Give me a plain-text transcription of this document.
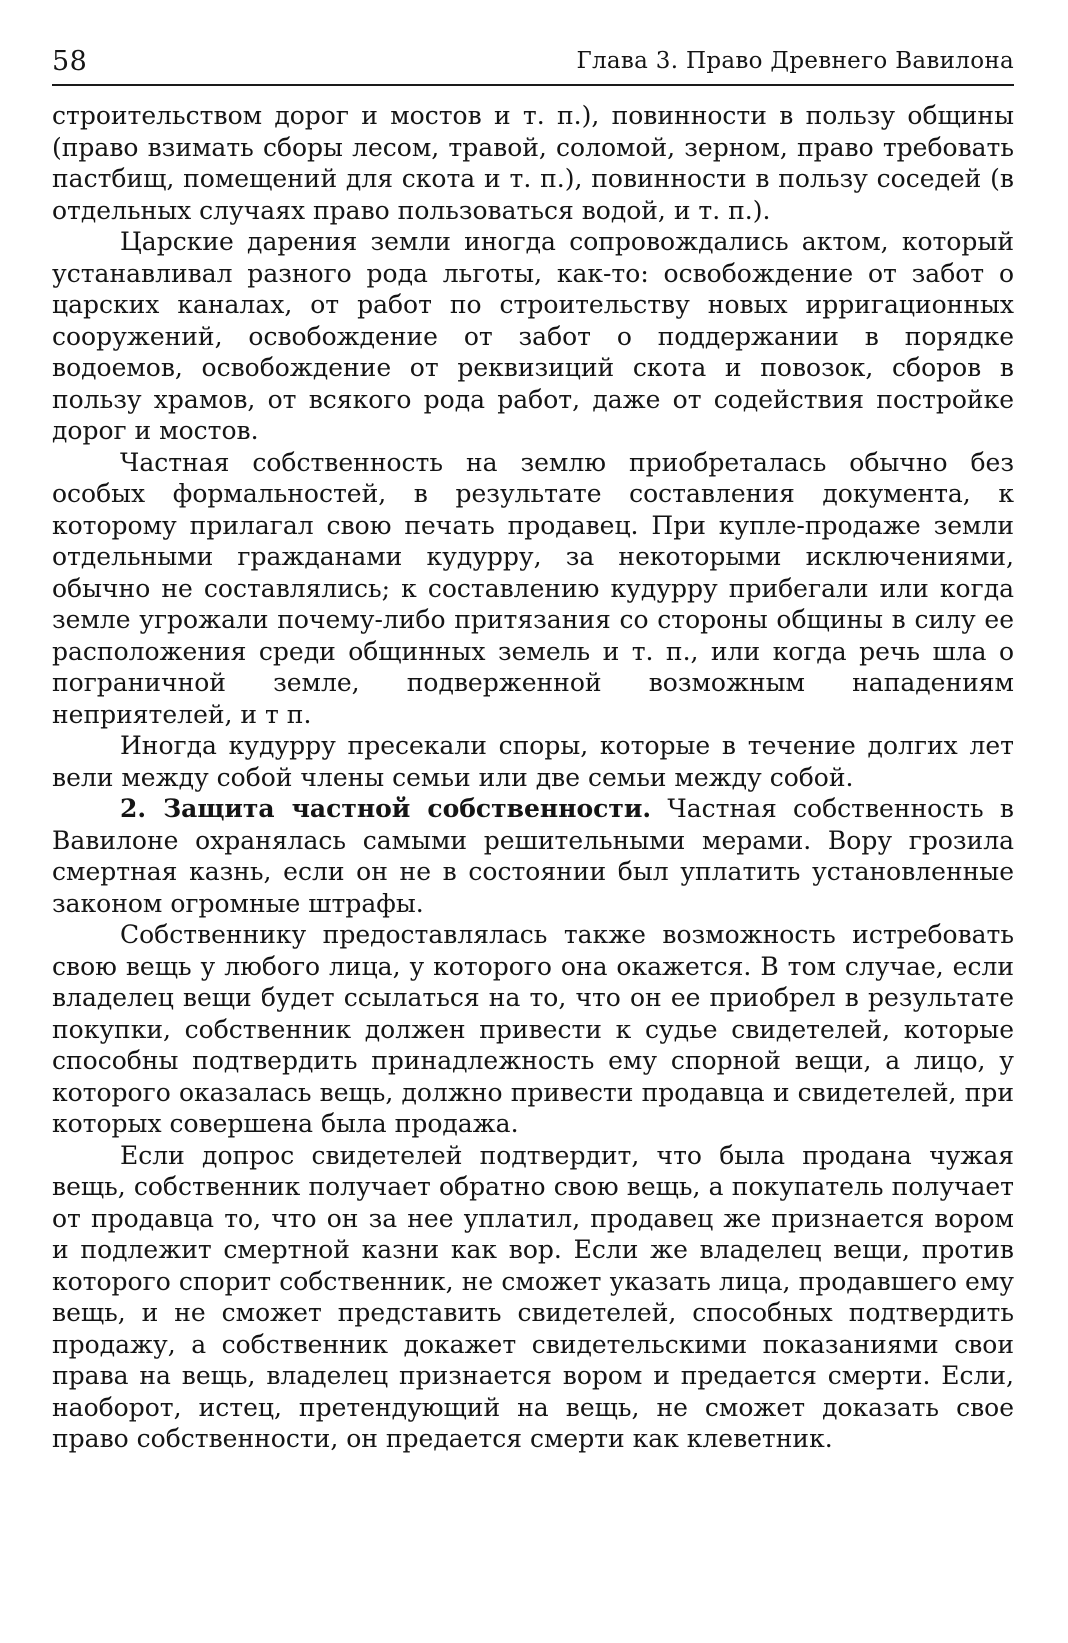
58	Глава 3. Право Древнего Вавилона

строительством дорог и мостов и т. п.), повинности в пользу общины (право взимать сборы лесом, травой, соломой, зерном, право требовать пастбищ, помещений для скота и т. п.), повинности в пользу соседей (в отдельных случаях право пользоваться водой, и т. п.).

Царские дарения земли иногда сопровождались актом, который устанавливал разного рода льготы, как-то: освобождение от забот о царских каналах, от работ по строительству новых ирригационных сооружений, освобождение от забот о поддержании в порядке водоемов, освобождение от реквизиций скота и повозок, сборов в пользу храмов, от всякого рода работ, даже от содействия постройке дорог и мостов.

Частная собственность на землю приобреталась обычно без особых формальностей, в результате составления документа, к которому прилагал свою печать продавец. При купле-продаже земли отдельными гражданами кудурру, за некоторыми исключениями, обычно не составлялись; к составлению кудурру прибегали или когда земле угрожали почему-либо притязания со стороны общины в силу ее расположения среди общинных земель и т. п., или когда речь шла о пограничной земле, подверженной возможным нападениям неприятелей, и т п.

Иногда кудурру пресекали споры, которые в течение долгих лет вели между собой члены семьи или две семьи между собой.

2. Защита частной собственности. Частная собственность в Вавилоне охранялась самыми решительными мерами. Вору грозила смертная казнь, если он не в состоянии был уплатить установленные законом огромные штрафы.

Собственнику предоставлялась также возможность истребовать свою вещь у любого лица, у которого она окажется. В том случае, если владелец вещи будет ссылаться на то, что он ее приобрел в результате покупки, собственник должен привести к судье свидетелей, которые способны подтвердить принадлежность ему спорной вещи, а лицо, у которого оказалась вещь, должно привести продавца и свидетелей, при которых совершена была продажа.

Если допрос свидетелей подтвердит, что была продана чужая вещь, собственник получает обратно свою вещь, а покупатель получает от продавца то, что он за нее уплатил, продавец же признается вором и подлежит смертной казни как вор. Если же владелец вещи, против которого спорит собственник, не сможет указать лица, продавшего ему вещь, и не сможет представить свидетелей, способных подтвердить продажу, а собственник докажет свидетельскими показаниями свои права на вещь, владелец признается вором и предается смерти. Если, наоборот, истец, претендующий на вещь, не сможет доказать свое право собственности, он предается смерти как клеветник.
